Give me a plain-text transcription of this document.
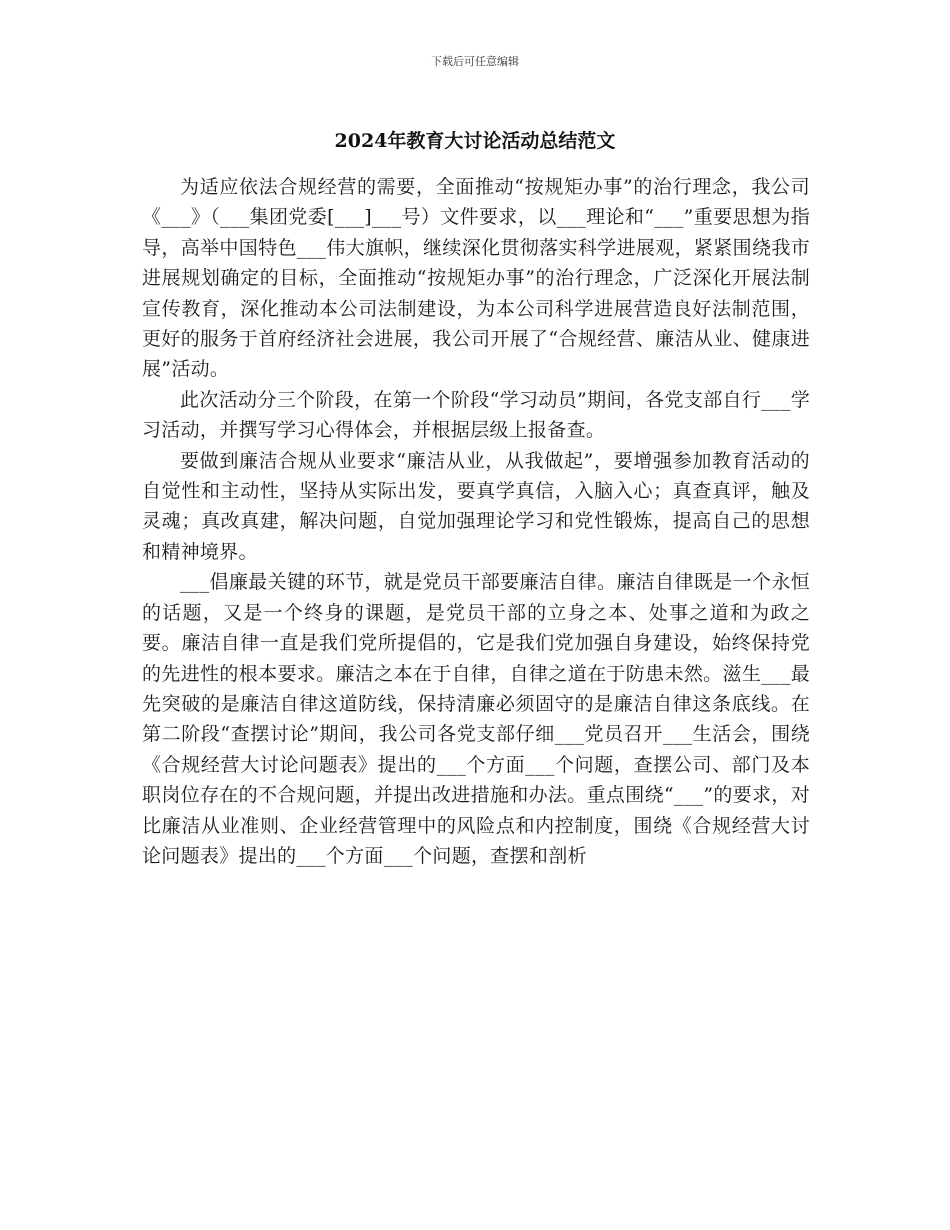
下载后可任意编辑
2024年教育大讨论活动总结范文

为适应依法合规经营的需要，全面推动“按规矩办事”的治行理念，我公司《___》（___集团党委[___]___号）文件要求，以___理论和“___”重要思想为指导，高举中国特色___伟大旗帜，继续深化贯彻落实科学进展观，紧紧围绕我市进展规划确定的目标，全面推动“按规矩办事”的治行理念，广泛深化开展法制宣传教育，深化推动本公司法制建设，为本公司科学进展营造良好法制范围，更好的服务于首府经济社会进展，我公司开展了“合规经营、廉洁从业、健康进展”活动。

此次活动分三个阶段，在第一个阶段“学习动员”期间，各党支部自行___学习活动，并撰写学习心得体会，并根据层级上报备查。

要做到廉洁合规从业要求“廉洁从业，从我做起”，要增强参加教育活动的自觉性和主动性，坚持从实际出发，要真学真信，入脑入心；真查真评，触及灵魂；真改真建，解决问题，自觉加强理论学习和党性锻炼，提高自己的思想和精神境界。

___倡廉最关键的环节，就是党员干部要廉洁自律。廉洁自律既是一个永恒的话题，又是一个终身的课题，是党员干部的立身之本、处事之道和为政之要。廉洁自律一直是我们党所提倡的，它是我们党加强自身建设，始终保持党的先进性的根本要求。廉洁之本在于自律，自律之道在于防患未然。滋生___最先突破的是廉洁自律这道防线，保持清廉必须固守的是廉洁自律这条底线。在第二阶段“查摆讨论”期间，我公司各党支部仔细___党员召开___生活会，围绕《合规经营大讨论问题表》提出的___个方面___个问题，查摆公司、部门及本职岗位存在的不合规问题，并提出改进措施和办法。重点围绕“___”的要求，对比廉洁从业准则、企业经营管理中的风险点和内控制度，围绕《合规经营大讨论问题表》提出的___个方面___个问题，查摆和剖析
